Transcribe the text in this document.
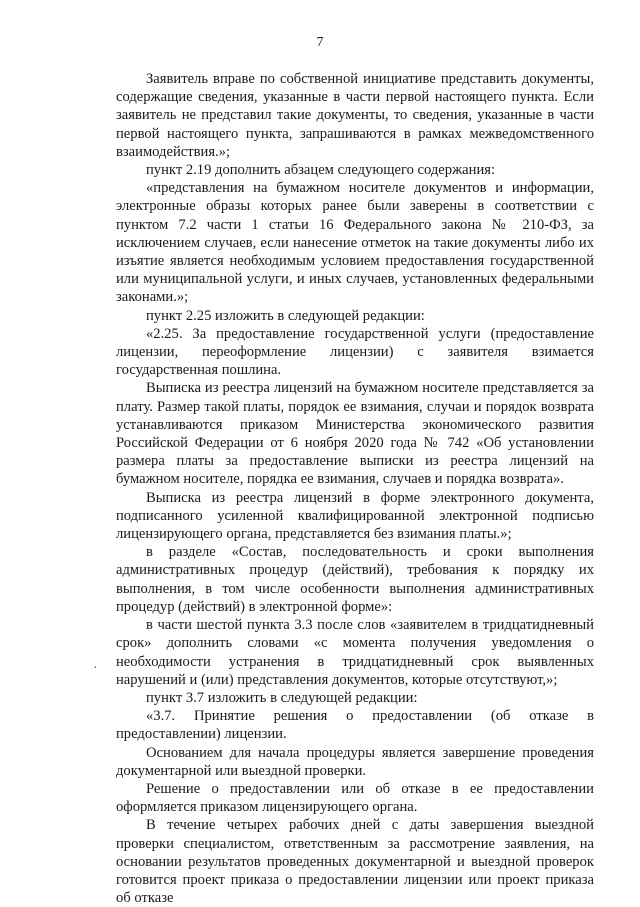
7

Заявитель вправе по собственной инициативе представить документы, содержащие сведения, указанные в части первой настоящего пункта. Если заявитель не представил такие документы, то сведения, указанные в части первой настоящего пункта, запрашиваются в рамках межведомственного взаимодействия.»;

пункт 2.19 дополнить абзацем следующего содержания:

«представления на бумажном носителе документов и информации, электронные образы которых ранее были заверены в соответствии с пунктом 7.2 части 1 статьи 16 Федерального закона № 210-ФЗ, за исключением случаев, если нанесение отметок на такие документы либо их изъятие является необходимым условием предоставления государственной или муниципальной услуги, и иных случаев, установленных федеральными законами.»;

пункт 2.25 изложить в следующей редакции:

«2.25. За предоставление государственной услуги (предоставление лицензии, переоформление лицензии) с заявителя взимается государственная пошлина.

Выписка из реестра лицензий на бумажном носителе представляется за плату. Размер такой платы, порядок ее взимания, случаи и порядок возврата устанавливаются приказом Министерства экономического развития Российской Федерации от 6 ноября 2020 года № 742 «Об установлении размера платы за предоставление выписки из реестра лицензий на бумажном носителе, порядка ее взимания, случаев и порядка возврата».

Выписка из реестра лицензий в форме электронного документа, подписанного усиленной квалифицированной электронной подписью лицензирующего органа, представляется без взимания платы.»;

в разделе «Состав, последовательность и сроки выполнения административных процедур (действий), требования к порядку их выполнения, в том числе особенности выполнения административных процедур (действий) в электронной форме»:

в части шестой пункта 3.3 после слов «заявителем в тридцатидневный срок» дополнить словами «с момента получения уведомления о необходимости устранения в тридцатидневный срок выявленных нарушений и (или) представления документов, которые отсутствуют,»;

пункт 3.7 изложить в следующей редакции:

«3.7. Принятие решения о предоставлении (об отказе в предоставлении) лицензии.

Основанием для начала процедуры является завершение проведения документарной или выездной проверки.

Решение о предоставлении или об отказе в ее предоставлении оформляется приказом лицензирующего органа.

В течение четырех рабочих дней с даты завершения выездной проверки специалистом, ответственным за рассмотрение заявления, на основании результатов проведенных документарной и выездной проверок готовится проект приказа о предоставлении лицензии или проект приказа об отказе

·
